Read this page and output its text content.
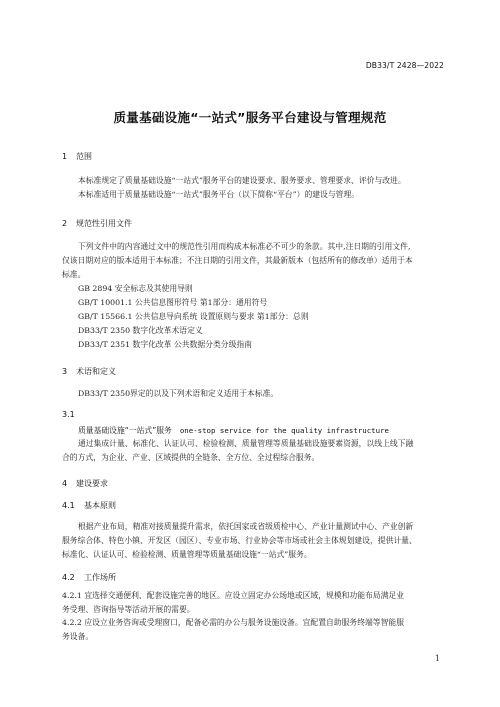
DB33/T 2428—2022
质量基础设施“一站式”服务平台建设与管理规范
1 范围
本标准规定了质量基础设施“一站式”服务平台的建设要求、服务要求、管理要求、评价与改进。
本标准适用于质量基础设施“一站式”服务平台（以下简称“平台”）的建设与管理。
2 规范性引用文件
下列文件中的内容通过文中的规范性引用而构成本标准必不可少的条款。其中,注日期的引用文件,
仅该日期对应的版本适用于本标准；不注日期的引用文件，其最新版本（包括所有的修改单）适用于本
标准。
GB 2894 安全标志及其使用导则
GB/T 10001.1 公共信息图形符号 第1部分：通用符号
GB/T 15566.1 公共信息导向系统 设置原则与要求 第1部分：总则
DB33/T 2350 数字化改革术语定义
DB33/T 2351 数字化改革 公共数据分类分级指南
3 术语和定义
DB33/T 2350界定的以及下列术语和定义适用于本标准。
3.1
质量基础设施“一站式”服务 one-stop service for the quality infrastructure
通过集成计量、标准化、认证认可、检验检测、质量管理等质量基础设施要素资源，以线上线下融
合的方式，为企业、产业、区域提供的全链条、全方位、全过程综合服务。
4 建设要求
4.1 基本原则
根据产业布局，精准对接质量提升需求，依托国家或省级质检中心、产业计量测试中心、产业创新
服务综合体、特色小镇、开发区（园区）、专业市场、行业协会等市场或社会主体规划建设，提供计量、
标准化、认证认可、检验检测、质量管理等质量基础设施“一站式”服务。
4.2 工作场所
4.2.1 宜选择交通便利、配套设施完善的地区。应设立固定办公场地或区域，规模和功能布局满足业
务受理、咨询指导等活动开展的需要。
4.2.2 应设立业务咨询或受理窗口，配备必需的办公与服务设施设备。宜配置自助服务终端等智能服
务设备。
1
